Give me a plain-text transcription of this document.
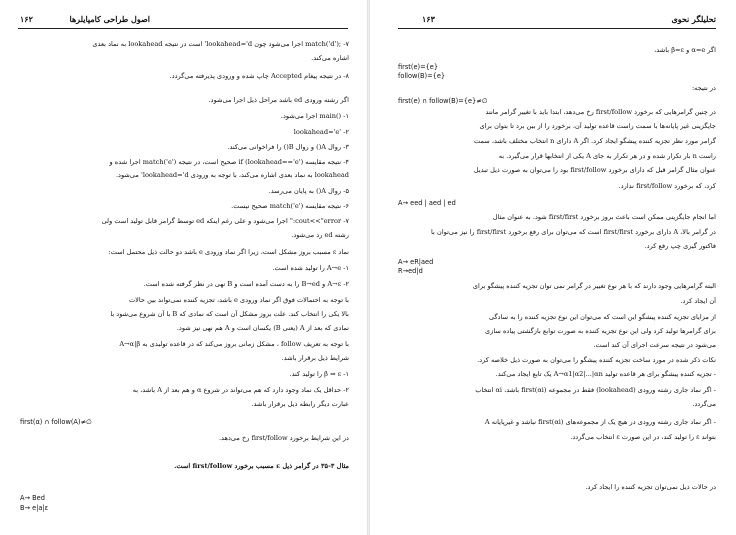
۱۶۲	اصول طراحی کامپایلرها
‏۷- ‏match('d');‎ اجرا می‌شود چون lookahead='d' است در نتیجه lookahead به نماد بعدی
اشاره می‌کند.
۸- در نتیجه پیغام Accepted چاپ شده و ورودی پذیرفته می‌گردد.
اگر رشته ورودی ed باشد مراحل ذیل اجرا می‌شود.
۱- ‏main()‎ اجرا می‌شود.
lookahead='e' -۲
۳- روال A() و روال B() را فراخوانی می‌کند.
۴- نتیجه مقایسه if (lookahead=='e') صحیح است، در نتیجه match('e') اجرا شده و
lookahead به نماد بعدی اشاره می‌کند، با توجه به ورودی lookahead='d' می‌شود.
۵- روال A() به پایان می‌رسد.
۶- نتیجه مقایسه match('e') صحیح نیست.
۷- cout<<"error:" اجرا می‌شود و علی رغم اینکه ed توسط گرامر قابل تولید است ولی
رشته ed رد می‌شود.
نماد ε مسبب بروز مشکل است، زیرا اگر نماد ورودی e باشد دو حالت ذیل محتمل است:
۱- A→e را تولید شده است.
۲- A→ε و B→ed را به دست آمده است و B نهی در نظر گرفته شده است.
با توجه به احتمالات فوق اگر نماد ورودی e باشد، تجزیه کننده نمی‌تواند بین حالات
بالا یکی را انتخاب کند. علت بروز مشکل آن است که نمادی که B با آن شروع می‌شود با
نمادی که بعد از A (یعنی B) یکسان است و A هم نهی نیز شود.
با توجه به تعریف follow ، مشکل زمانی بروز می‌کند که در قاعده تولیدی به A→α|β
شرایط ذیل برقرار باشد.
۱- β ⇒ ε را تولید کند.
۲- حداقل یک نماد وجود دارد که هم می‌تواند در شروع α و هم بعد از A باشد، به
عبارت دیگر رابطه ذیل برقرار باشد.
first(α) ∩ follow(A)≠∅
در این شرایط برخورد first/follow رخ می‌دهد.
مثال ۳-۳۵ در گرامر ذیل ε مسبب برخورد first/follow است.
A→ Bed
B→ e|a|ε
تحلیلگر نحوی
۱۶۳
اگر α=e و β=ε باشد،
first(e)={e}
follow(B)={e}
در نتیجه:
first(e) ∩ follow(B)={e}≠∅
در چنین گرامرهایی که برخورد first/follow رخ می‌دهد، ابتدا باید با تغییر گرامر مانند
جایگزینی غیر پایانه‌ها با سمت راست قاعده تولید آن، برخورد را از بین برد تا بتوان برای
گرامر مورد نظر تجزیه کننده پیشگو ایجاد کرد. اگر A دارای n انتخاب مختلف باشد، سمت
راست n بار تکرار شده و در هر تکرار به جای A یکی از انتخابها قرار می‌گیرد. به
عنوان مثال گرامر قبل که دارای برخورد first/follow بود را می‌توان به صورت ذیل تبدیل
کرد، که برخورد first/follow ندارد.
A→ eed | aed | ed
اما انجام جایگزینی ممکن است باعث بروز برخورد first/first شود. به عنوان مثال
در گرامر بالا، A دارای برخورد first/first است که می‌توان برای رفع برخورد first/first را نیز می‌توان با
فاکتور گیری چپ رفع کرد.
A→ eR|aed
R→ed|d
البته گرامرهایی وجود دارند که با هر نوع تغییر در گرامر نمی توان تجزیه کننده پیشگو برای
آن ایجاد کرد.
از مزایای تجزیه کننده پیشگو این است که می‌توان این نوع تجزیه کننده را به سادگی
برای گرامرها تولید کرد ولی این نوع تجزیه کننده به صورت توابع بازگشتی پیاده سازی
می‌شود در نتیجه سرعت اجرای آن کند است.
نکات ذکر شده در مورد ساخت تجزیه کننده پیشگو را می‌توان به صورت ذیل خلاصه کرد.
- تجزیه کننده پیشگو برای هر قاعده تولید A→α1|α2|...|αn یک تابع ایجاد می‌کند.
- اگر نماد جاری رشته ورودی (lookahead) فقط در مجموعه first(αi) باشد، αi انتخاب
می‌گردد.
- اگر نماد جاری رشته ورودی در هیچ یک از مجموعه‌های first(αi) نباشد و غیرپایانه A
بتواند ε را تولید کند، در این صورت ε انتخاب می‌گردد.
در حالات ذیل نمی‌توان تجزیه کننده را ایجاد کرد.
